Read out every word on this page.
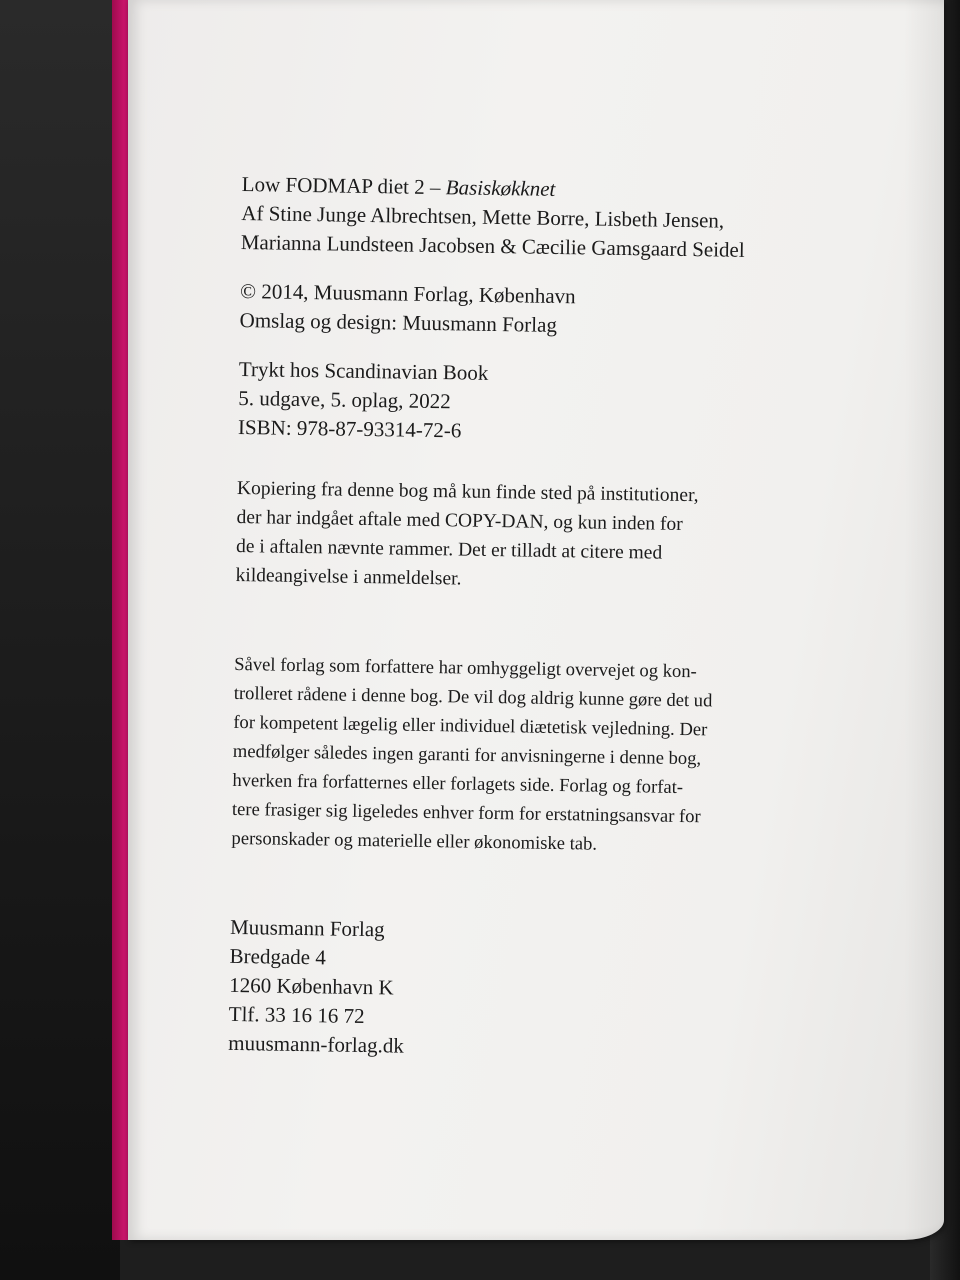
Low FODMAP diet 2 – Basiskøkknet
Af Stine Junge Albrechtsen, Mette Borre, Lisbeth Jensen,
Marianna Lundsteen Jacobsen & Cæcilie Gamsgaard Seidel
© 2014, Muusmann Forlag, København
Omslag og design: Muusmann Forlag
Trykt hos Scandinavian Book
5. udgave, 5. oplag, 2022
ISBN: 978-87-93314-72-6
Kopiering fra denne bog må kun finde sted på institutioner,
der har indgået aftale med COPY-DAN, og kun inden for
de i aftalen nævnte rammer. Det er tilladt at citere med
kildeangivelse i anmeldelser.
Såvel forlag som forfattere har omhyggeligt overvejet og kon-
trolleret rådene i denne bog. De vil dog aldrig kunne gøre det ud
for kompetent lægelig eller individuel diætetisk vejledning. Der
medfølger således ingen garanti for anvisningerne i denne bog,
hverken fra forfatternes eller forlagets side. Forlag og forfat-
tere frasiger sig ligeledes enhver form for erstatningsansvar for
personskader og materielle eller økonomiske tab.
Muusmann Forlag
Bredgade 4
1260 København K
Tlf. 33 16 16 72
muusmann-forlag.dk
